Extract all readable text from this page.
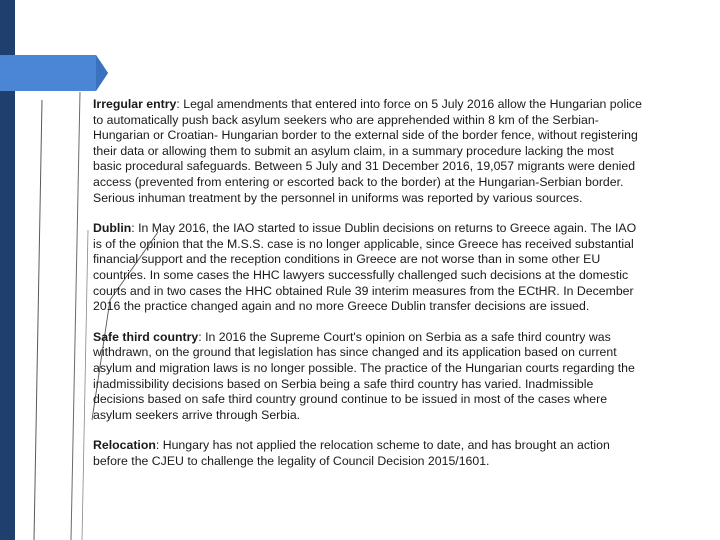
Irregular entry: Legal amendments that entered into force on 5 July 2016 allow the Hungarian police to automatically push back asylum seekers who are apprehended within 8 km of the Serbian-Hungarian or Croatian- Hungarian border to the external side of the border fence, without registering their data or allowing them to submit an asylum claim, in a summary procedure lacking the most basic procedural safeguards. Between 5 July and 31 December 2016, 19,057 migrants were denied access (prevented from entering or escorted back to the border) at the Hungarian-Serbian border. Serious inhuman treatment by the personnel in uniforms was reported by various sources.

Dublin: In May 2016, the IAO started to issue Dublin decisions on returns to Greece again. The IAO is of the opinion that the M.S.S. case is no longer applicable, since Greece has received substantial financial support and the reception conditions in Greece are not worse than in some other EU countries. In some cases the HHC lawyers successfully challenged such decisions at the domestic courts and in two cases the HHC obtained Rule 39 interim measures from the ECtHR. In December 2016 the practice changed again and no more Greece Dublin transfer decisions are issued.

Safe third country: In 2016 the Supreme Court's opinion on Serbia as a safe third country was withdrawn, on the ground that legislation has since changed and its application based on current asylum and migration laws is no longer possible. The practice of the Hungarian courts regarding the inadmissibility decisions based on Serbia being a safe third country has varied. Inadmissible decisions based on safe third country ground continue to be issued in most of the cases where asylum seekers arrive through Serbia.

Relocation: Hungary has not applied the relocation scheme to date, and has brought an action before the CJEU to challenge the legality of Council Decision 2015/1601.
